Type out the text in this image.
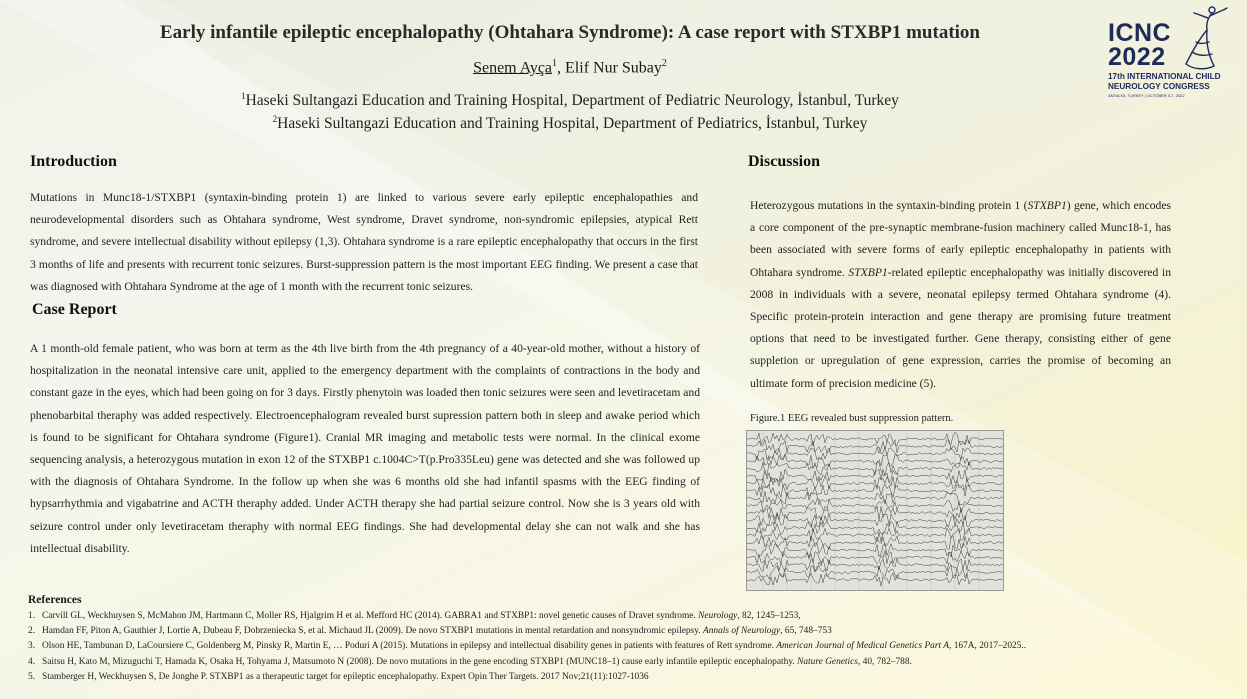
Early infantile epileptic encephalopathy (Ohtahara Syndrome): A case report with STXBP1 mutation
Senem Ayça$^1$, Elif Nur Subay$^2$
$^1$Haseki Sultangazi Education and Training Hospital, Department of Pediatric Neurology, İstanbul, Turkey
$^2$Haseki Sultangazi Education and Training Hospital, Department of Pediatrics, İstanbul, Turkey
ICNC
2022
17th INTERNATIONAL CHILD
NEUROLOGY CONGRESS
ANTALYA, TURKEY | OCTOBER 3-7, 2022
Introduction
Mutations in Munc18-1/STXBP1 (syntaxin-binding protein 1) are linked to various severe early epileptic encephalopathies and neurodevelopmental disorders such as Ohtahara syndrome, West syndrome, Dravet syndrome, non-syndromic epilepsies, atypical Rett syndrome, and severe intellectual disability without epilepsy (1,3). Ohtahara syndrome is a rare epileptic encephalopathy that occurs in the first 3 months of life and presents with recurrent tonic seizures. Burst-suppression pattern is the most important EEG finding. We present a case that was diagnosed with Ohtahara Syndrome at the age of 1 month with the recurrent tonic seizures.
Case Report
A 1 month-old female patient, who was born at term as the 4th live birth from the 4th pregnancy of a 40-year-old mother, without a history of hospitalization in the neonatal intensive care unit, applied to the emergency department with the complaints of contractions in the body and constant gaze in the eyes, which had been going on for 3 days. Firstly phenytoin was loaded then tonic seizures were seen and levetiracetam and phenobarbital theraphy was added respectively. Electroencephalogram revealed burst supression pattern both in sleep and awake period which is found to be significant for Ohtahara syndrome (Figure1). Cranial MR imaging and metabolic tests were normal. In the clinical exome sequencing analysis, a heterozygous mutation in exon 12 of the STXBP1 c.1004C>T(p.Pro335Leu) gene was detected and she was followed up with the diagnosis of Ohtahara Syndrome. In the follow up when she was 6 months old she had infantil spasms with the EEG finding of hypsarrhythmia and vigabatrine and ACTH theraphy added. Under ACTH therapy she had partial seizure control. Now she is 3 years old with seizure control under only levetiracetam theraphy with normal EEG findings. She had developmental delay she can not walk and she has intellectual disability.
Discussion
Heterozygous mutations in the syntaxin-binding protein 1 (STXBP1) gene, which encodes a core component of the pre-synaptic membrane-fusion machinery called Munc18-1, has been associated with severe forms of early epileptic encephalopathy in patients with Ohtahara syndrome. STXBP1-related epileptic encephalopathy was initially discovered in 2008 in individuals with a severe, neonatal epilepsy termed Ohtahara syndrome (4). Specific protein-protein interaction and gene therapy are promising future treatment options that need to be investigated further. Gene therapy, consisting either of gene suppletion or upregulation of gene expression, carries the promise of becoming an ultimate form of precision medicine (5).
Figure.1 EEG revealed bust suppression pattern.
References
1. Carvill GL, Weckhuysen S, McMahon JM, Hartmann C, Moller RS, Hjalgrim H et al. Mefford HC (2014). GABRA1 and STXBP1: novel genetic causes of Dravet syndrome. Neurology, 82, 1245–1253,
2. Hamdan FF, Piton A, Gauthier J, Lortie A, Dubeau F, Dobrzeniecka S, et al. Michaud JL (2009). De novo STXBP1 mutations in mental retardation and nonsyndromic epilepsy. Annals of Neurology, 65, 748–753
3. Olson HE, Tambunan D, LaCoursiere C, Goldenberg M, Pinsky R, Martin E, … Poduri A (2015). Mutations in epilepsy and intellectual disability genes in patients with features of Rett syndrome. American Journal of Medical Genetics Part A, 167A, 2017–2025..
4. Saitsu H, Kato M, Mizuguchi T, Hamada K, Osaka H, Tohyama J, Matsumoto N (2008). De novo mutations in the gene encoding STXBP1 (MUNC18–1) cause early infantile epileptic encephalopathy. Nature Genetics, 40, 782–788.
5. Stamberger H, Weckhuysen S, De Jonghe P. STXBP1 as a therapeutic target for epileptic encephalopathy. Expert Opin Ther Targets. 2017 Nov;21(11):1027-1036
